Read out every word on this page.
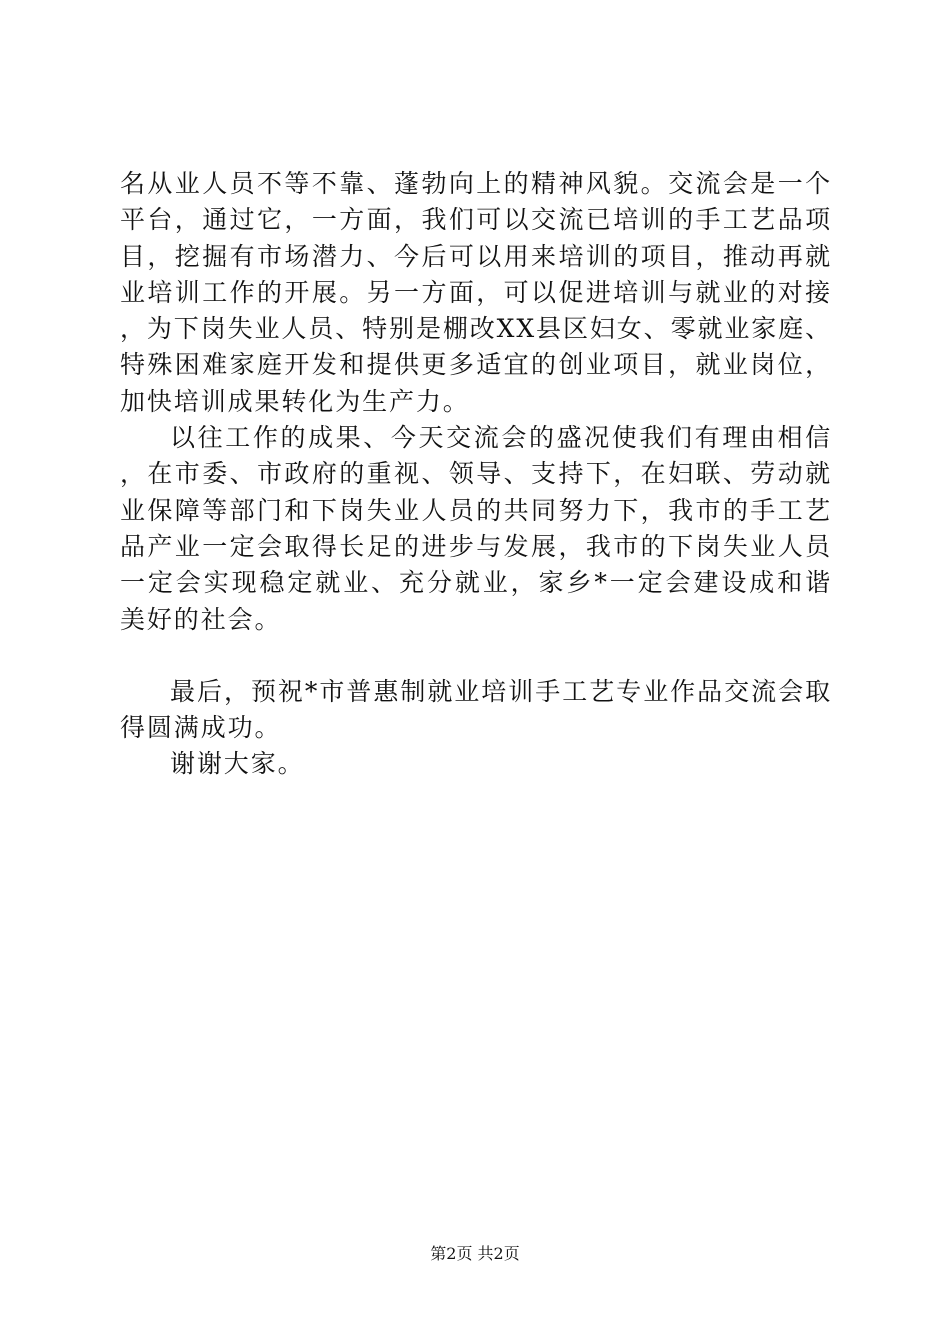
名从业人员不等不靠、蓬勃向上的精神风貌。交流会是一个平台，通过它，一方面，我们可以交流已培训的手工艺品项目，挖掘有市场潜力、今后可以用来培训的项目，推动再就业培训工作的开展。另一方面，可以促进培训与就业的对接，为下岗失业人员、特别是棚改XX县区妇女、零就业家庭、特殊困难家庭开发和提供更多适宜的创业项目，就业岗位，加快培训成果转化为生产力。

以往工作的成果、今天交流会的盛况使我们有理由相信，在市委、市政府的重视、领导、支持下，在妇联、劳动就业保障等部门和下岗失业人员的共同努力下，我市的手工艺品产业一定会取得长足的进步与发展，我市的下岗失业人员一定会实现稳定就业、充分就业，家乡*一定会建设成和谐美好的社会。

最后，预祝*市普惠制就业培训手工艺专业作品交流会取得圆满成功。

谢谢大家。

第2页 共2页
